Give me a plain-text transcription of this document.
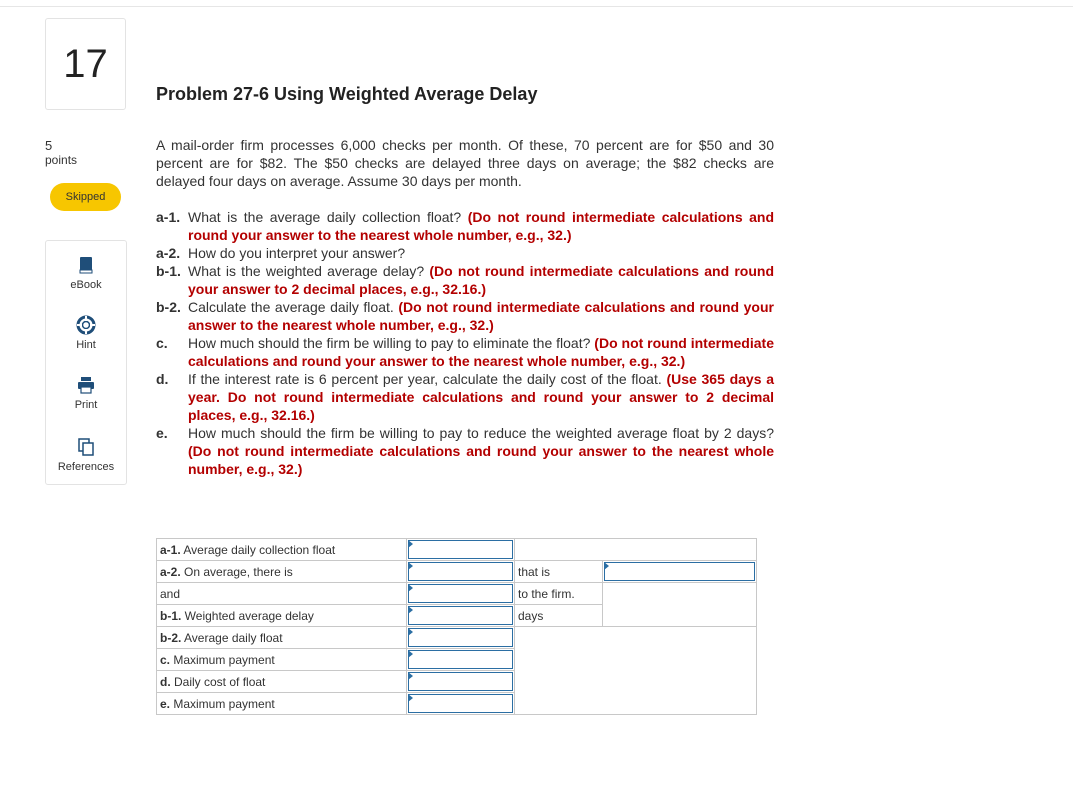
17
5
points
Skipped
eBook
Hint
Print
References
Problem 27-6 Using Weighted Average Delay
A mail-order firm processes 6,000 checks per month. Of these, 70 percent are for $50 and 30 percent are for $82. The $50 checks are delayed three days on average; the $82 checks are delayed four days on average. Assume 30 days per month.
a-1. What is the average daily collection float? (Do not round intermediate calculations and round your answer to the nearest whole number, e.g., 32.)
a-2. How do you interpret your answer?
b-1. What is the weighted average delay? (Do not round intermediate calculations and round your answer to 2 decimal places, e.g., 32.16.)
b-2. Calculate the average daily float. (Do not round intermediate calculations and round your answer to the nearest whole number, e.g., 32.)
c.	How much should the firm be willing to pay to eliminate the float? (Do not round intermediate calculations and round your answer to the nearest whole number, e.g., 32.)
d.	If the interest rate is 6 percent per year, calculate the daily cost of the float. (Use 365 days a year. Do not round intermediate calculations and round your answer to 2 decimal places, e.g., 32.16.)
e.	How much should the firm be willing to pay to reduce the weighted average float by 2 days? (Do not round intermediate calculations and round your answer to the nearest whole number, e.g., 32.)
a-1. Average daily collection float		

a-2. On average, there is		that is	

and		to the firm.	
b-1. Weighted average delay		days	
b-2. Average daily float		

c. Maximum payment			

d. Daily cost of float			

e. Maximum payment			
